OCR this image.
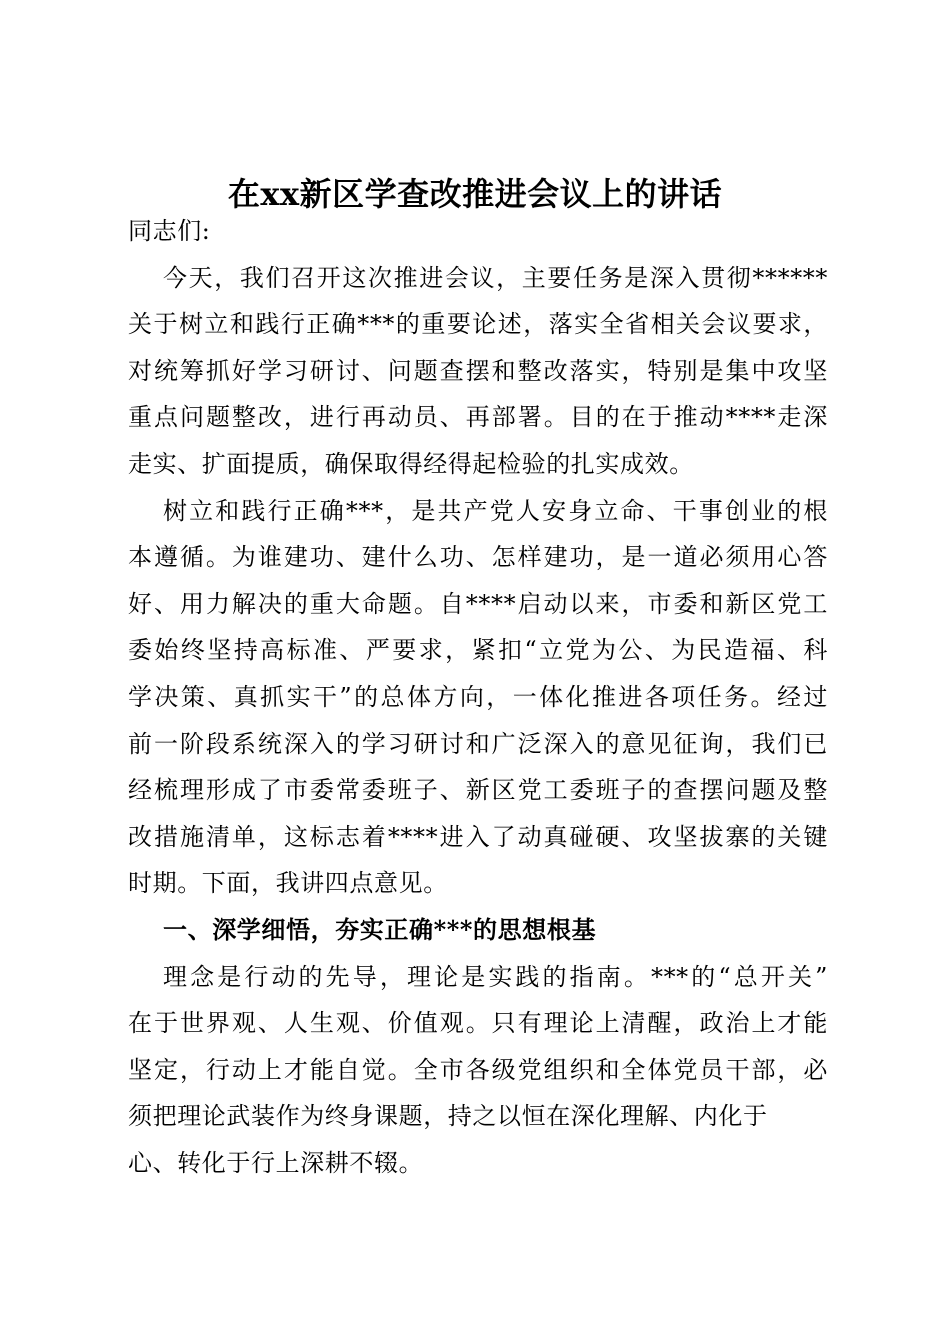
在xx新区学查改推进会议上的讲话
同志们:
今天，我们召开这次推进会议，主要任务是深入贯彻******
关于树立和践行正确***的重要论述，落实全省相关会议要求，
对统筹抓好学习研讨、问题查摆和整改落实，特别是集中攻坚
重点问题整改，进行再动员、再部署。目的在于推动****走深
走实、扩面提质，确保取得经得起检验的扎实成效。
树立和践行正确***，是共产党人安身立命、干事创业的根
本遵循。为谁建功、建什么功、怎样建功，是一道必须用心答
好、用力解决的重大命题。自****启动以来，市委和新区党工
委始终坚持高标准、严要求，紧扣“立党为公、为民造福、科
学决策、真抓实干”的总体方向，一体化推进各项任务。经过
前一阶段系统深入的学习研讨和广泛深入的意见征询，我们已
经梳理形成了市委常委班子、新区党工委班子的查摆问题及整
改措施清单，这标志着****进入了动真碰硬、攻坚拔寨的关键
时期。下面，我讲四点意见。
一、深学细悟，夯实正确***的思想根基
理念是行动的先导，理论是实践的指南。***的“总开关”
在于世界观、人生观、价值观。只有理论上清醒，政治上才能
坚定，行动上才能自觉。全市各级党组织和全体党员干部，必
须把理论武装作为终身课题，持之以恒在深化理解、内化于
心、转化于行上深耕不辍。
